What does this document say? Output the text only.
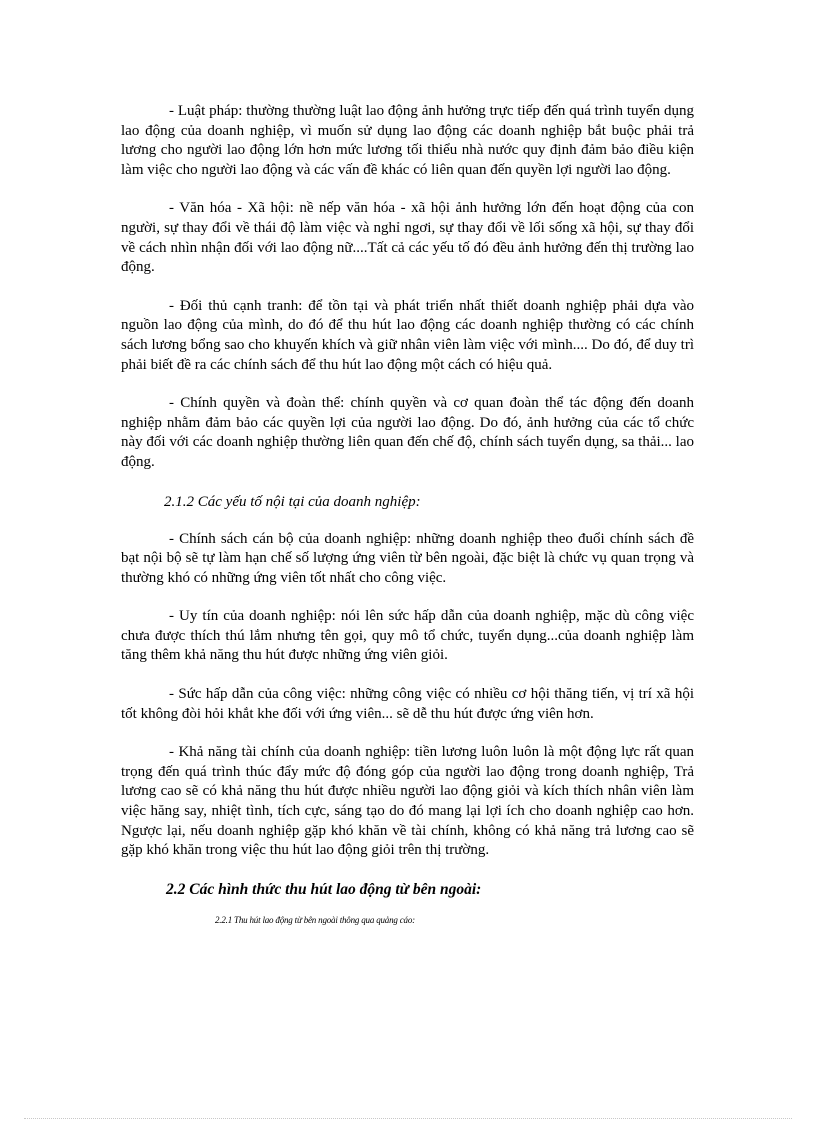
- Luật pháp: thường thường luật lao động ảnh hưởng trực tiếp đến quá trình tuyển dụng lao động của doanh nghiệp, vì muốn sử dụng lao động các doanh nghiệp bắt buộc phải trả lương cho người lao động lớn hơn mức lương tối thiểu nhà nước quy định đảm bảo điều kiện làm việc cho người lao động và các vấn đề khác có liên quan đến quyền lợi người lao động.

- Văn hóa - Xã hội: nề nếp văn hóa - xã hội ảnh hưởng lớn đến hoạt động của con người, sự thay đổi về thái độ làm việc và nghỉ ngơi, sự thay đổi về lối sống xã hội, sự thay đổi về cách nhìn nhận đối với lao động nữ....Tất cả các yếu tố đó đều ảnh hưởng đến thị trường lao động.

- Đối thủ cạnh tranh: để tồn tại và phát triển nhất thiết doanh nghiệp phải dựa vào nguồn lao động của mình, do đó để thu hút lao động các doanh nghiệp thường có các chính sách lương bổng sao cho khuyến khích và giữ nhân viên làm việc với mình.... Do đó, để duy trì phải biết đề ra các chính sách để thu hút lao động một cách có hiệu quả.

- Chính quyền và đoàn thể: chính quyền và cơ quan đoàn thể tác động đến doanh nghiệp nhằm đảm bảo các quyền lợi của người lao động. Do đó, ảnh hưởng của các tổ chức này đối với các doanh nghiệp thường liên quan đến chế độ, chính sách tuyển dụng, sa thải... lao động.

2.1.2 Các yếu tố nội tại của doanh nghiệp:

- Chính sách cán bộ của doanh nghiệp: những doanh nghiệp theo đuổi chính sách đề bạt nội bộ sẽ tự làm hạn chế số lượng ứng viên từ bên ngoài, đặc biệt là chức vụ quan trọng và thường khó có những ứng viên tốt nhất cho công việc.

- Uy tín của doanh nghiệp: nói lên sức hấp dẫn của doanh nghiệp, mặc dù công việc chưa được thích thú lắm nhưng tên gọi, quy mô tổ chức, tuyển dụng...của doanh nghiệp làm tăng thêm khả năng thu hút được những ứng viên giỏi.

- Sức hấp dẫn của công việc: những công việc có nhiều cơ hội thăng tiến, vị trí xã hội tốt không đòi hỏi khắt khe đối với ứng viên... sẽ dễ thu hút được ứng viên hơn.

- Khả năng tài chính của doanh nghiệp: tiền lương luôn luôn là một động lực rất quan trọng đến quá trình thúc đẩy mức độ đóng góp của người lao động trong doanh nghiệp, Trả lương cao sẽ có khả năng thu hút được nhiều người lao động giỏi và kích thích nhân viên làm việc hăng say, nhiệt tình, tích cực, sáng tạo do đó mang lại lợi ích cho doanh nghiệp cao hơn. Ngược lại, nếu doanh nghiệp gặp khó khăn về tài chính, không có khả năng trả lương cao sẽ gặp khó khăn trong việc thu hút lao động giỏi trên thị trường.

2.2 Các hình thức thu hút lao động từ bên ngoài:
2.2.1 Thu hút lao động từ bên ngoài thông qua quảng cáo:
